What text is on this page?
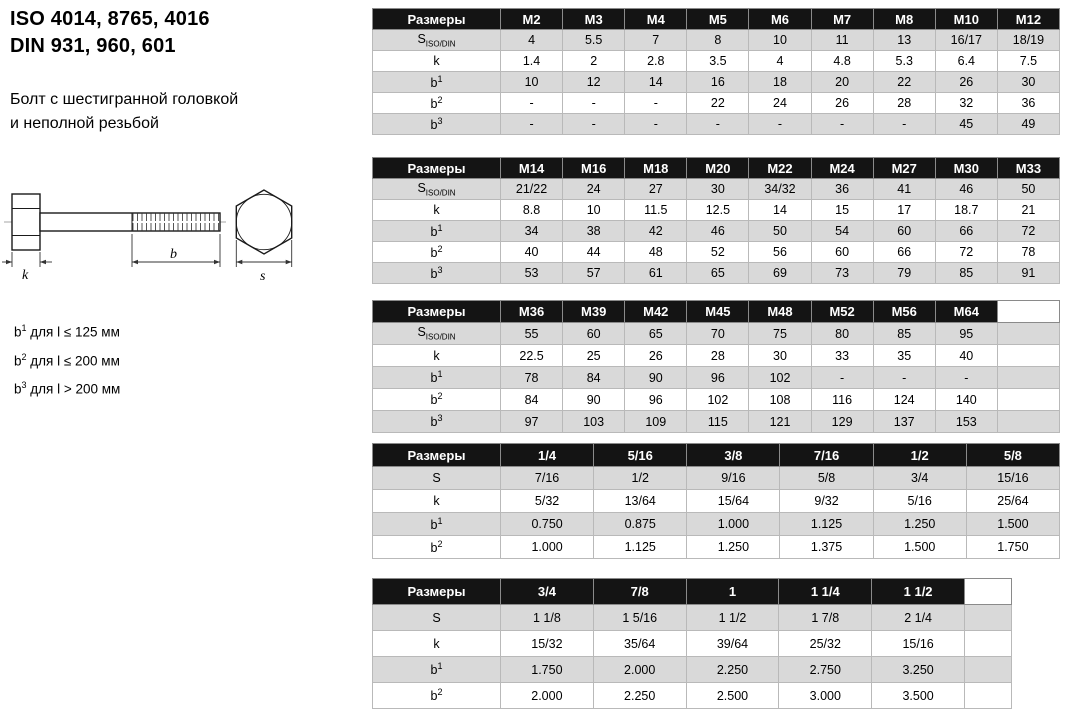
ISO 4014, 8765, 4016
DIN 931, 960, 601
Болт с шестигранной головкой
и неполной резьбой
k
b
s
$b^1$ для l ≤ 125 мм
$b^2$ для l ≤ 200 мм
$b^3$ для l > 200 мм
Размеры	M2	M3	M4	M5	M6	M7	M8	M10	M12
$S_{ISO/DIN}$	4	5.5	7	8	10	11	13	16/17	18/19
k	1.4	2	2.8	3.5	4	4.8	5.3	6.4	7.5
$b^1$	10	12	14	16	18	20	22	26	30
$b^2$	-	-	-	22	24	26	28	32	36
$b^3$	-	-	-	-	-	-	-	45	49
Размеры	M14	M16	M18	M20	M22	M24	M27	M30	M33
$S_{ISO/DIN}$	21/22	24	27	30	34/32	36	41	46	50
k	8.8	10	11.5	12.5	14	15	17	18.7	21
$b^1$	34	38	42	46	50	54	60	66	72
$b^2$	40	44	48	52	56	60	66	72	78
$b^3$	53	57	61	65	69	73	79	85	91
Размеры	M36	M39	M42	M45	M48	M52	M56	M64	
$S_{ISO/DIN}$	55	60	65	70	75	80	85	95	
k	22.5	25	26	28	30	33	35	40	
$b^1$	78	84	90	96	102	-	-	-	
$b^2$	84	90	96	102	108	116	124	140	
$b^3$	97	103	109	115	121	129	137	153	
Размеры	1/4	5/16	3/8	7/16	1/2	5/8
S	7/16	1/2	9/16	5/8	3/4	15/16
k	5/32	13/64	15/64	9/32	5/16	25/64
$b^1$	0.750	0.875	1.000	1.125	1.250	1.500
$b^2$	1.000	1.125	1.250	1.375	1.500	1.750
Размеры	3/4	7/8	1	1 1/4	1 1/2	
S	1 1/8	1 5/16	1 1/2	1 7/8	2 1/4	
k	15/32	35/64	39/64	25/32	15/16	
$b^1$	1.750	2.000	2.250	2.750	3.250	
$b^2$	2.000	2.250	2.500	3.000	3.500	
